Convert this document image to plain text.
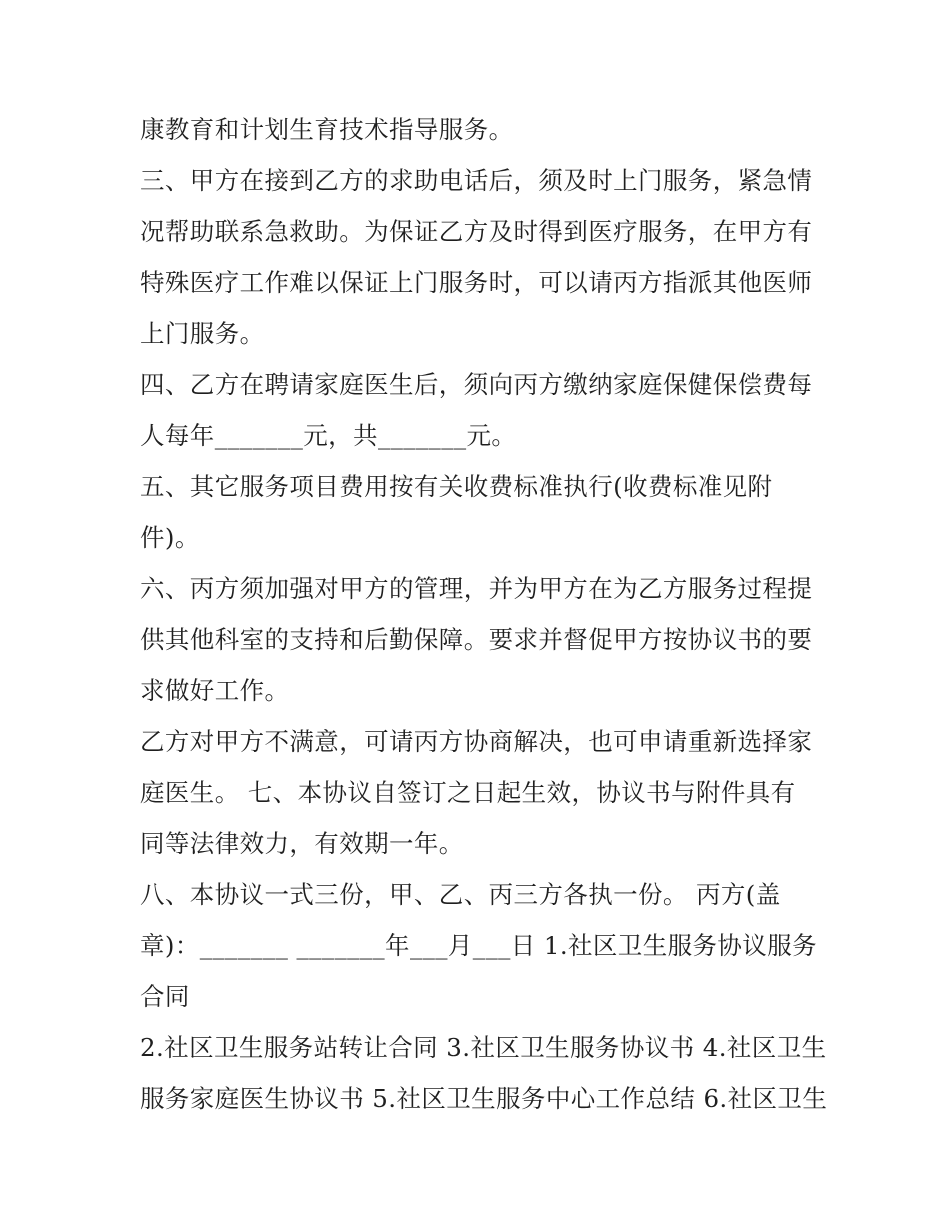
康教育和计划生育技术指导服务。
三、甲方在接到乙方的求助电话后，须及时上门服务，紧急情
况帮助联系急救助。为保证乙方及时得到医疗服务，在甲方有
特殊医疗工作难以保证上门服务时，可以请丙方指派其他医师
上门服务。
四、乙方在聘请家庭医生后，须向丙方缴纳家庭保健保偿费每
人每年_______元，共_______元。
五、其它服务项目费用按有关收费标准执行(收费标准见附
件)。
六、丙方须加强对甲方的管理，并为甲方在为乙方服务过程提
供其他科室的支持和后勤保障。要求并督促甲方按协议书的要
求做好工作。
乙方对甲方不满意，可请丙方协商解决，也可申请重新选择家
庭医生。 七、本协议自签订之日起生效，协议书与附件具有
同等法律效力，有效期一年。
八、本协议一式三份，甲、乙、丙三方各执一份。 丙方(盖
章)：_______ _______年___月___日 1.社区卫生服务协议服务
合同
2.社区卫生服务站转让合同 3.社区卫生服务协议书 4.社区卫生
服务家庭医生协议书 5.社区卫生服务中心工作总结 6.社区卫生
